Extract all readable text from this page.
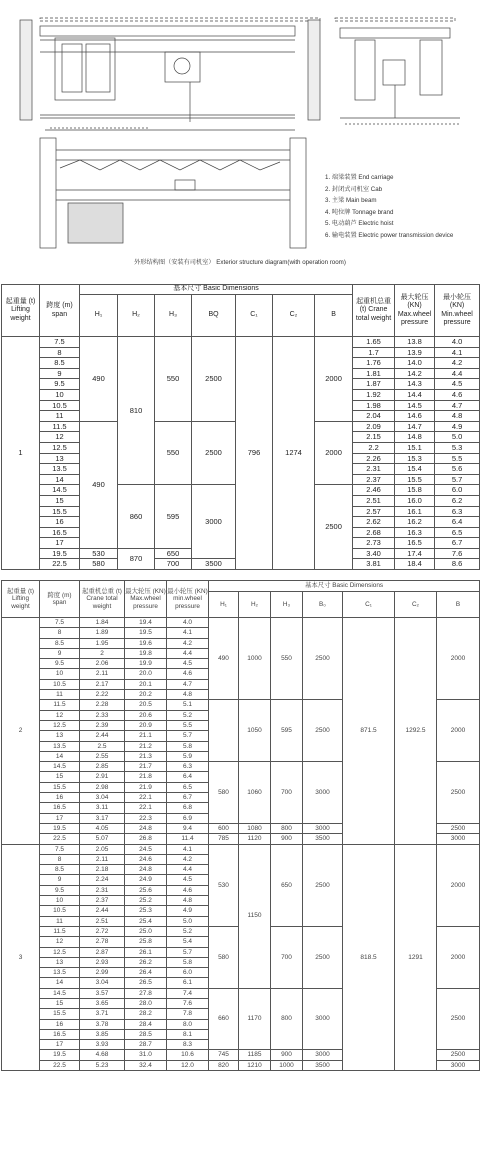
1. 端梁装置 End carriage
2. 封闭式司机室 Cab
3. 主梁 Main beam
4. 吨位牌 Tonnage brand
5. 电动葫芦 Electric hoist
6. 输电装置 Electric power transmission device
外形结构图（安装有司机室） Exterior structure diagram(with operation room)
起重量 (t) Lifting weight	跨度 (m) span	基本尺寸 Basic Dimensions							起重机总重 (t) Crane total weight	最大轮压 (KN) Max.wheel pressure	最小轮压 (KN) Min.wheel pressure
		H₁	H₂	H₃	BQ	C₁	C₂	B			
1	7.5	490	810	550	2500	796	1274	2000	1.65	13.8	4.0
	8								1.7	13.9	4.1
	8.5								1.76	14.0	4.2
	9								1.81	14.2	4.4
	9.5								1.87	14.3	4.5
	10								1.92	14.4	4.6
	10.5								1.98	14.5	4.7
	11								2.04	14.6	4.8
	11.5	490		550	2500			2000	2.09	14.7	4.9
	12								2.15	14.8	5.0
	12.5								2.2	15.1	5.3
	13								2.26	15.3	5.5
	13.5								2.31	15.4	5.6
	14								2.37	15.5	5.7
	14.5		860	595	3000			2500	2.46	15.8	6.0
	15								2.51	16.0	6.2
	15.5								2.57	16.1	6.3
	16								2.62	16.2	6.4
	16.5								2.68	16.3	6.5
	17								2.73	16.5	6.7
	19.5	530	870	650					3.40	17.4	7.6
	22.5	580		700	3500				3.81	18.4	8.6
起重量 (t) Lifting weight	跨度 (m) span	起重机总重 (t) Crane total weight	最大轮压 (KN) Max.wheel pressure	最小轮压 (KN) min.wheel pressure	基本尺寸 Basic Dimensions						
					H₁	H₂	H₃	B₀	C₁	C₂	B
2	7.5	1.84	19.4	4.0	490	1000	550	2500	871.5	1292.5	2000
	8	1.89	19.5	4.1							
	8.5	1.95	19.6	4.2							
	9	2	19.8	4.4							
	9.5	2.06	19.9	4.5							
	10	2.11	20.0	4.6							
	10.5	2.17	20.1	4.7							
	11	2.22	20.2	4.8							
	11.5	2.28	20.5	5.1		1050	595	2500			2000
	12	2.33	20.6	5.2							
	12.5	2.39	20.9	5.5							
	13	2.44	21.1	5.7							
	13.5	2.5	21.2	5.8							
	14	2.55	21.3	5.9							
	14.5	2.85	21.7	6.3	580	1060	700	3000			2500
	15	2.91	21.8	6.4							
	15.5	2.98	21.9	6.5							
	16	3.04	22.1	6.7							
	16.5	3.11	22.1	6.8							
	17	3.17	22.3	6.9							
	19.5	4.05	24.8	9.4	600	1080	800	3000			2500
	22.5	5.07	26.8	11.4	785	1120	900	3500			3000
3	7.5	2.05	24.5	4.1	530	1150	650	2500	818.5	1291	2000
	8	2.11	24.6	4.2							
	8.5	2.18	24.8	4.4							
	9	2.24	24.9	4.5							
	9.5	2.31	25.6	4.6							
	10	2.37	25.2	4.8							
	10.5	2.44	25.3	4.9							
	11	2.51	25.4	5.0							
	11.5	2.72	25.0	5.2	580		700	2500			2000
	12	2.78	25.8	5.4							
	12.5	2.87	26.1	5.7							
	13	2.93	26.2	5.8							
	13.5	2.99	26.4	6.0							
	14	3.04	26.5	6.1							
	14.5	3.57	27.8	7.4	660	1170	800	3000			2500
	15	3.65	28.0	7.6							
	15.5	3.71	28.2	7.8							
	16	3.78	28.4	8.0							
	16.5	3.85	28.5	8.1							
	17	3.93	28.7	8.3							
	19.5	4.68	31.0	10.6	745	1185	900	3000			2500
	22.5	5.23	32.4	12.0	820	1210	1000	3500			3000
